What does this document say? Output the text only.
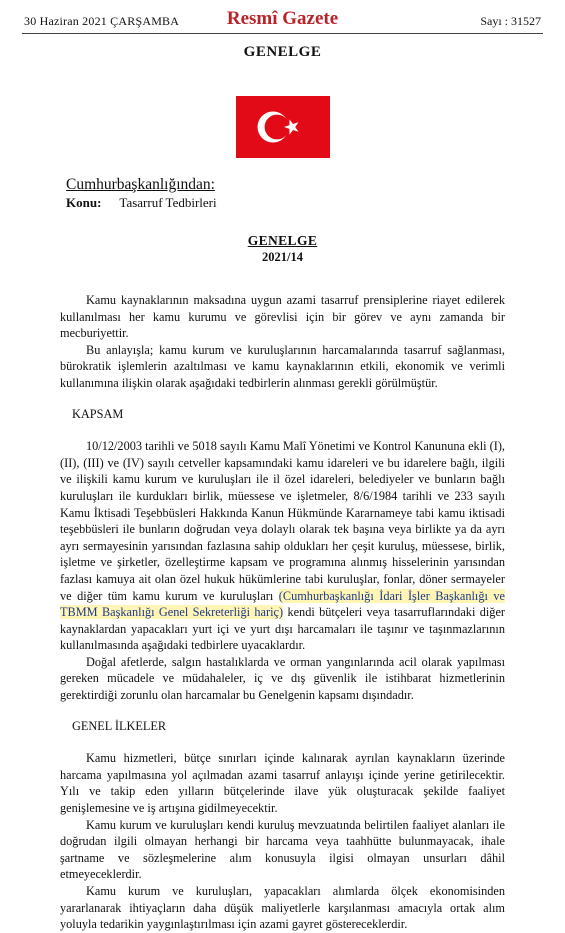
30 Haziran 2021 ÇARŞAMBA	Resmî Gazete	Sayı : 31527
GENELGE
Cumhurbaşkanlığından:
Konu: Tasarruf Tedbirleri
GENELGE
2021/14

Kamu kaynaklarının maksadına uygun azami tasarruf prensiplerine riayet edilerek kullanılması her kamu kurumu ve görevlisi için bir görev ve aynı zamanda bir mecburiyettir.

Bu anlayışla; kamu kurum ve kuruluşlarının harcamalarında tasarruf sağlanması, bürokratik işlemlerin azaltılması ve kamu kaynaklarının etkili, ekonomik ve verimli kullanımına ilişkin olarak aşağıdaki tedbirlerin alınması gerekli görülmüştür.

KAPSAM

10/12/2003 tarihli ve 5018 sayılı Kamu Malî Yönetimi ve Kontrol Kanununa ekli (I), (II), (III) ve (IV) sayılı cetveller kapsamındaki kamu idareleri ve bu idarelere bağlı, ilgili ve ilişkili kamu kurum ve kuruluşları ile il özel idareleri, belediyeler ve bunların bağlı kuruluşları ile kurdukları birlik, müessese ve işletmeler, 8/6/1984 tarihli ve 233 sayılı Kamu İktisadi Teşebbüsleri Hakkında Kanun Hükmünde Kararnameye tabi kamu iktisadi teşebbüsleri ile bunların doğrudan veya dolaylı olarak tek başına veya birlikte ya da ayrı ayrı sermayesinin yarısından fazlasına sahip oldukları her çeşit kuruluş, müessese, birlik, işletme ve şirketler, özelleştirme kapsam ve programına alınmış hisselerinin yarısından fazlası kamuya ait olan özel hukuk hükümlerine tabi kuruluşlar, fonlar, döner sermayeler ve diğer tüm kamu kurum ve kuruluşları (Cumhurbaşkanlığı İdari İşler Başkanlığı ve TBMM Başkanlığı Genel Sekreterliği hariç) kendi bütçeleri veya tasarruflarındaki diğer kaynaklardan yapacakları yurt içi ve yurt dışı harcamaları ile taşınır ve taşınmazlarının kullanılmasında aşağıdaki tedbirlere uyacaklardır.

Doğal afetlerde, salgın hastalıklarda ve orman yangınlarında acil olarak yapılması gereken mücadele ve müdahaleler, iç ve dış güvenlik ile istihbarat hizmetlerinin gerektirdiği zorunlu olan harcamalar bu Genelgenin kapsamı dışındadır.

GENEL İLKELER

Kamu hizmetleri, bütçe sınırları içinde kalınarak ayrılan kaynakların üzerinde harcama yapılmasına yol açılmadan azami tasarruf anlayışı içinde yerine getirilecektir. Yılı ve takip eden yılların bütçelerinde ilave yük oluşturacak şekilde faaliyet genişlemesine ve iş artışına gidilmeyecektir.

Kamu kurum ve kuruluşları kendi kuruluş mevzuatında belirtilen faaliyet alanları ile doğrudan ilgili olmayan herhangi bir harcama veya taahhütte bulunmayacak, ihale şartname ve sözleşmelerine alım konusuyla ilgisi olmayan unsurları dâhil etmeyeceklerdir.

Kamu kurum ve kuruluşları, yapacakları alımlarda ölçek ekonomisinden yararlanarak ihtiyaçların daha düşük maliyetlerle karşılanması amacıyla ortak alım yoluyla tedarikin yaygınlaştırılması için azami gayret göstereceklerdir.
